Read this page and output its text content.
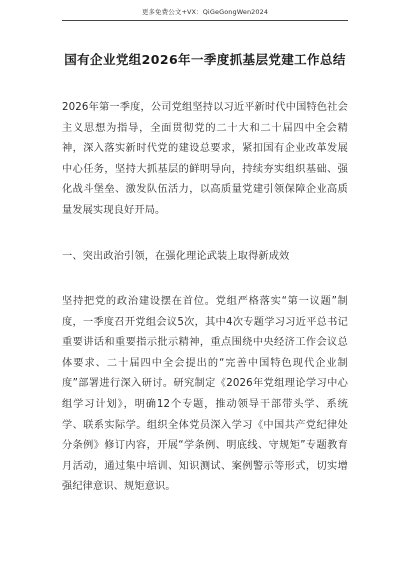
更多免费公文+VX：QiGeGongWen2024
国有企业党组2026年一季度抓基层党建工作总结
2026年第一季度，公司党组坚持以习近平新时代中国特色社会主义思想为指导，全面贯彻党的二十大和二十届四中全会精神，深入落实新时代党的建设总要求，紧扣国有企业改革发展中心任务，坚持大抓基层的鲜明导向，持续夯实组织基础、强化战斗堡垒、激发队伍活力，以高质量党建引领保障企业高质量发展实现良好开局。
一、突出政治引领，在强化理论武装上取得新成效
坚持把党的政治建设摆在首位。党组严格落实“第一议题”制度，一季度召开党组会议5次，其中4次专题学习习近平总书记重要讲话和重要指示批示精神，重点围绕中央经济工作会议总体要求、二十届四中全会提出的“完善中国特色现代企业制度”部署进行深入研讨。研究制定《2026年党组理论学习中心组学习计划》，明确12个专题，推动领导干部带头学、系统学、联系实际学。组织全体党员深入学习《中国共产党纪律处分条例》修订内容，开展“学条例、明底线、守规矩”专题教育月活动，通过集中培训、知识测试、案例警示等形式，切实增强纪律意识、规矩意识。
